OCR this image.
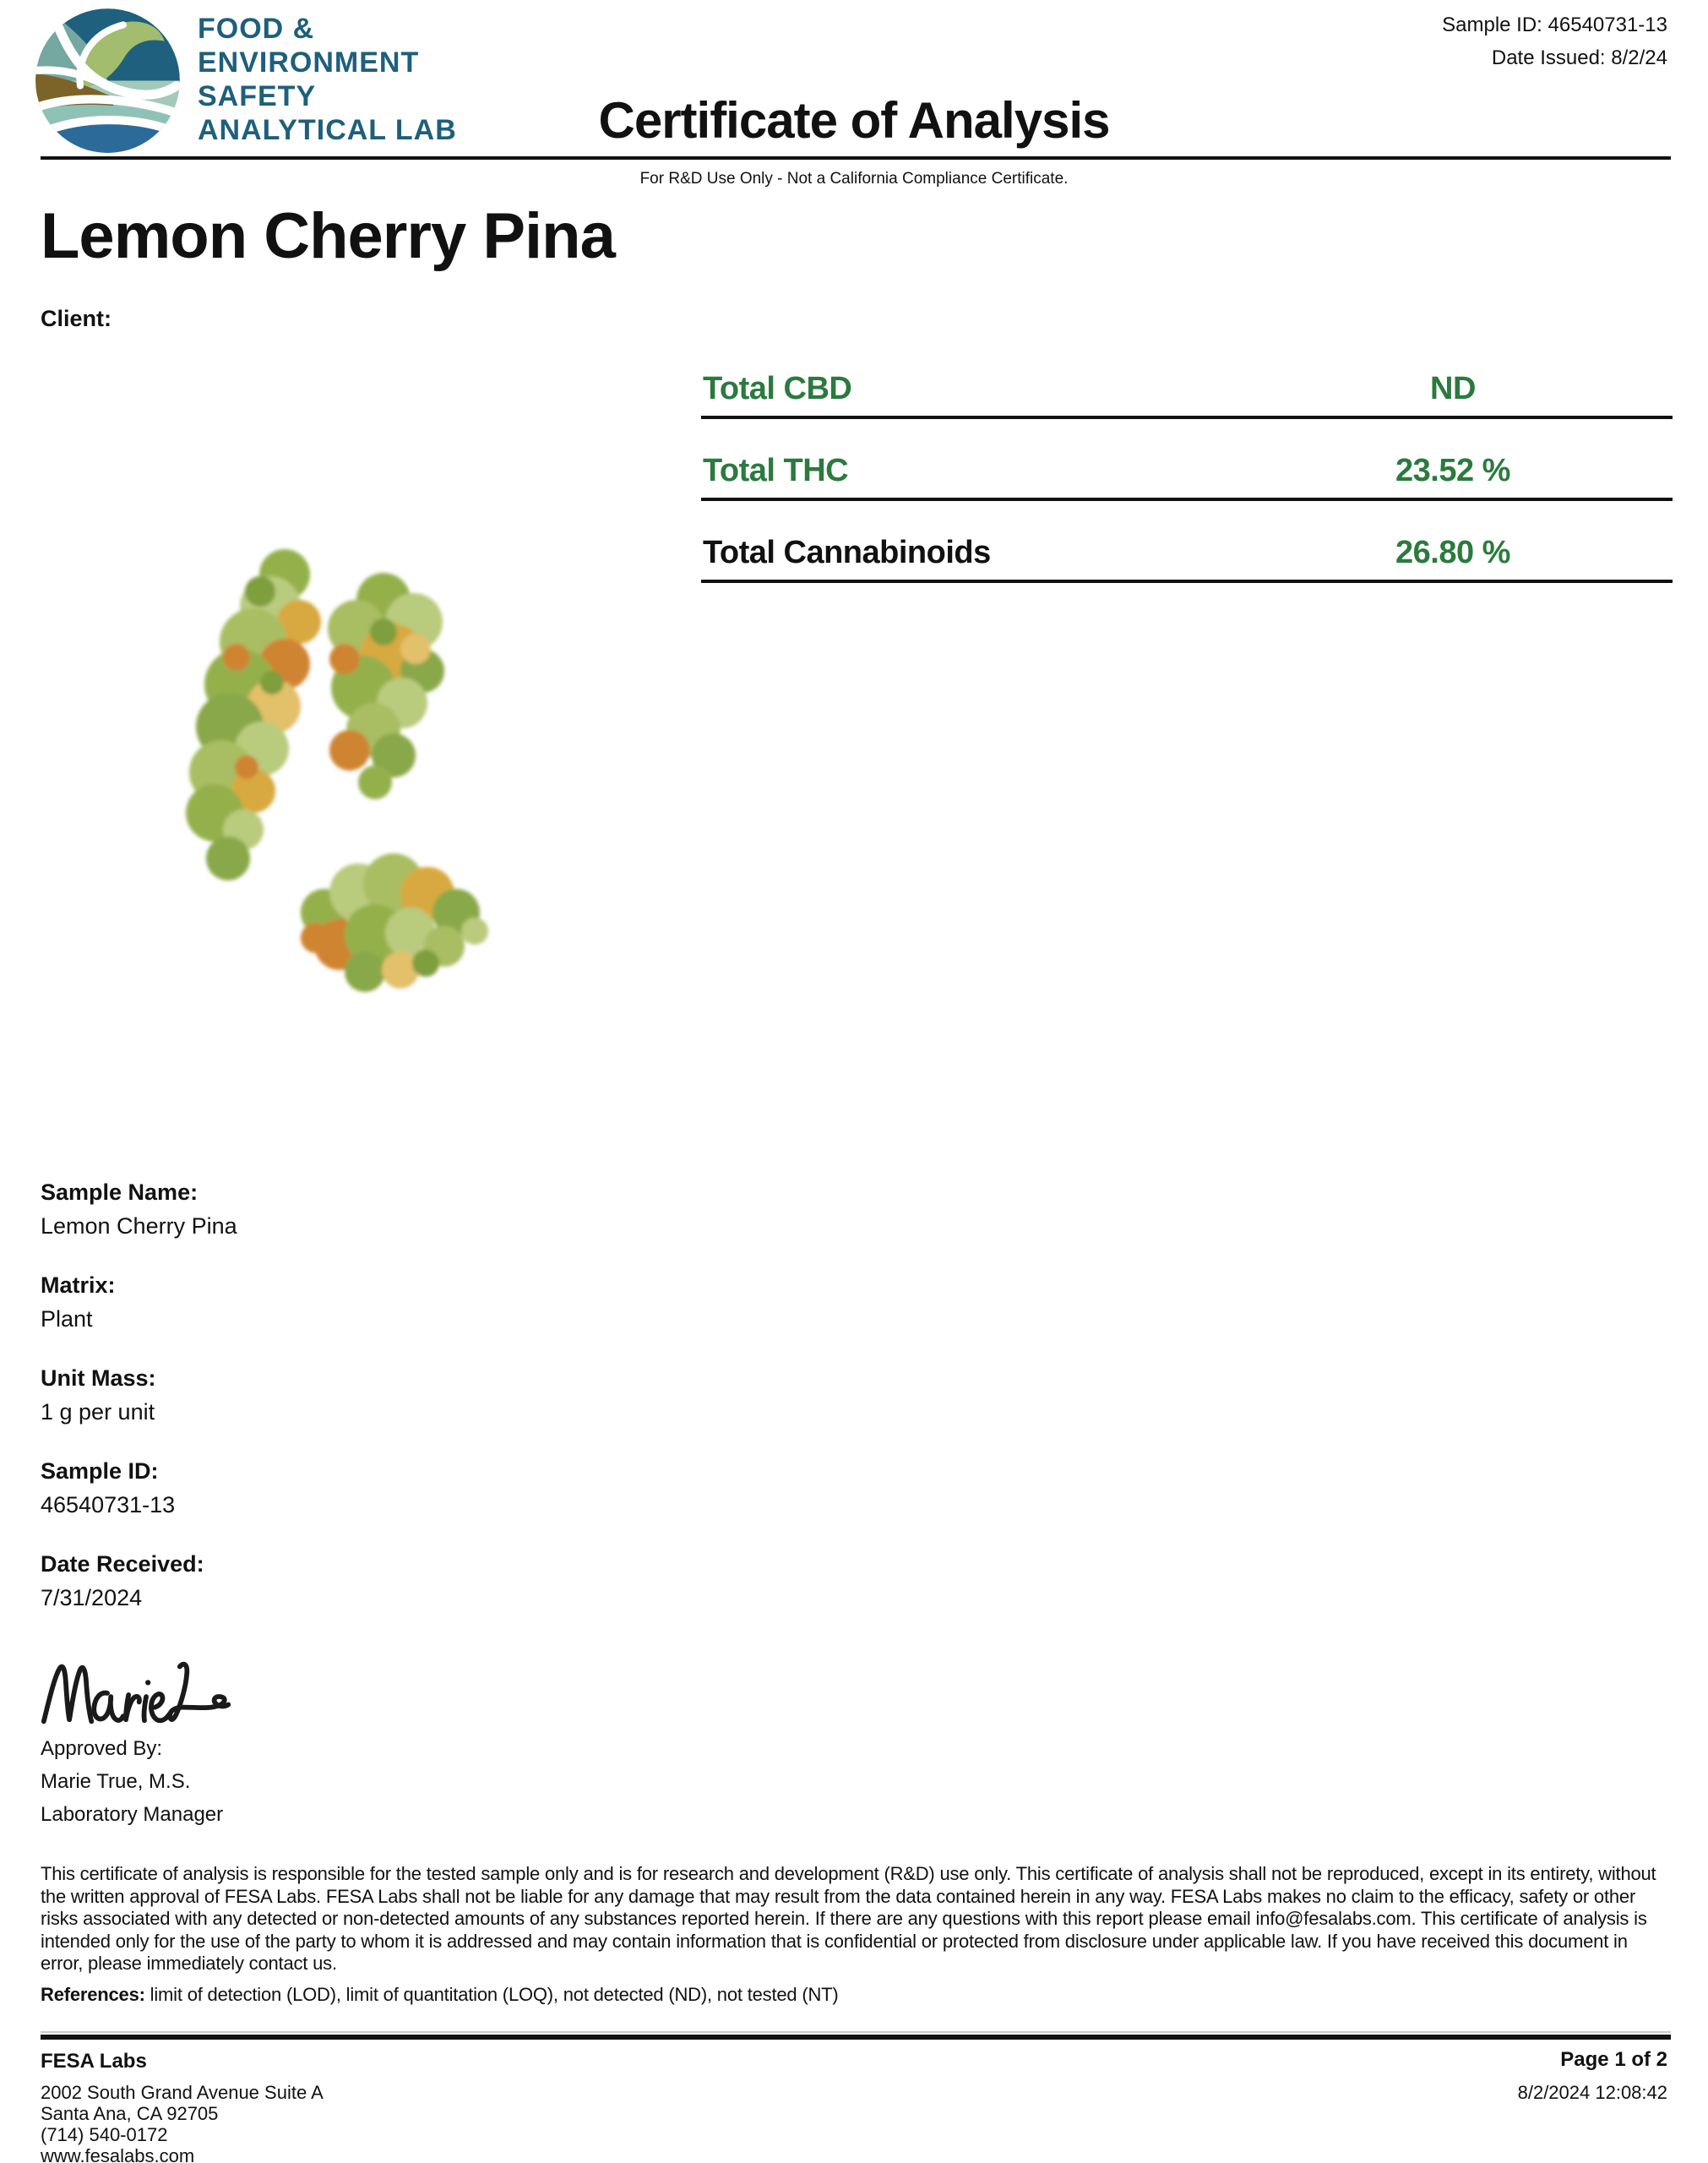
FOOD &
ENVIRONMENT
SAFETY
ANALYTICAL LAB
Sample ID: 46540731-13
Date Issued: 8/2/24
Certificate of Analysis
For R&D Use Only - Not a California Compliance Certificate.
Lemon Cherry Pina
Client:
Total CBD	ND
Total THC	23.52 %
Total Cannabinoids	26.80 %
Sample Name:
Lemon Cherry Pina
Matrix:
Plant
Unit Mass:
1 g per unit
Sample ID:
46540731-13
Date Received:
7/31/2024
Approved By:
Marie True, M.S.
Laboratory Manager
This certificate of analysis is responsible for the tested sample only and is for research and development (R&D) use only. This certificate of analysis shall not be reproduced, except in its entirety, without the written approval of FESA Labs. FESA Labs shall not be liable for any damage that may result from the data contained herein in any way. FESA Labs makes no claim to the efficacy, safety or other risks associated with any detected or non-detected amounts of any substances reported herein. If there are any questions with this report please email info@fesalabs.com. This certificate of analysis is intended only for the use of the party to whom it is addressed and may contain information that is confidential or protected from disclosure under applicable law. If you have received this document in error, please immediately contact us.
References: limit of detection (LOD), limit of quantitation (LOQ), not detected (ND), not tested (NT)
FESA Labs
2002 South Grand Avenue Suite A
Santa Ana, CA 92705
(714) 540-0172
www.fesalabs.com
Page 1 of 2
8/2/2024 12:08:42
